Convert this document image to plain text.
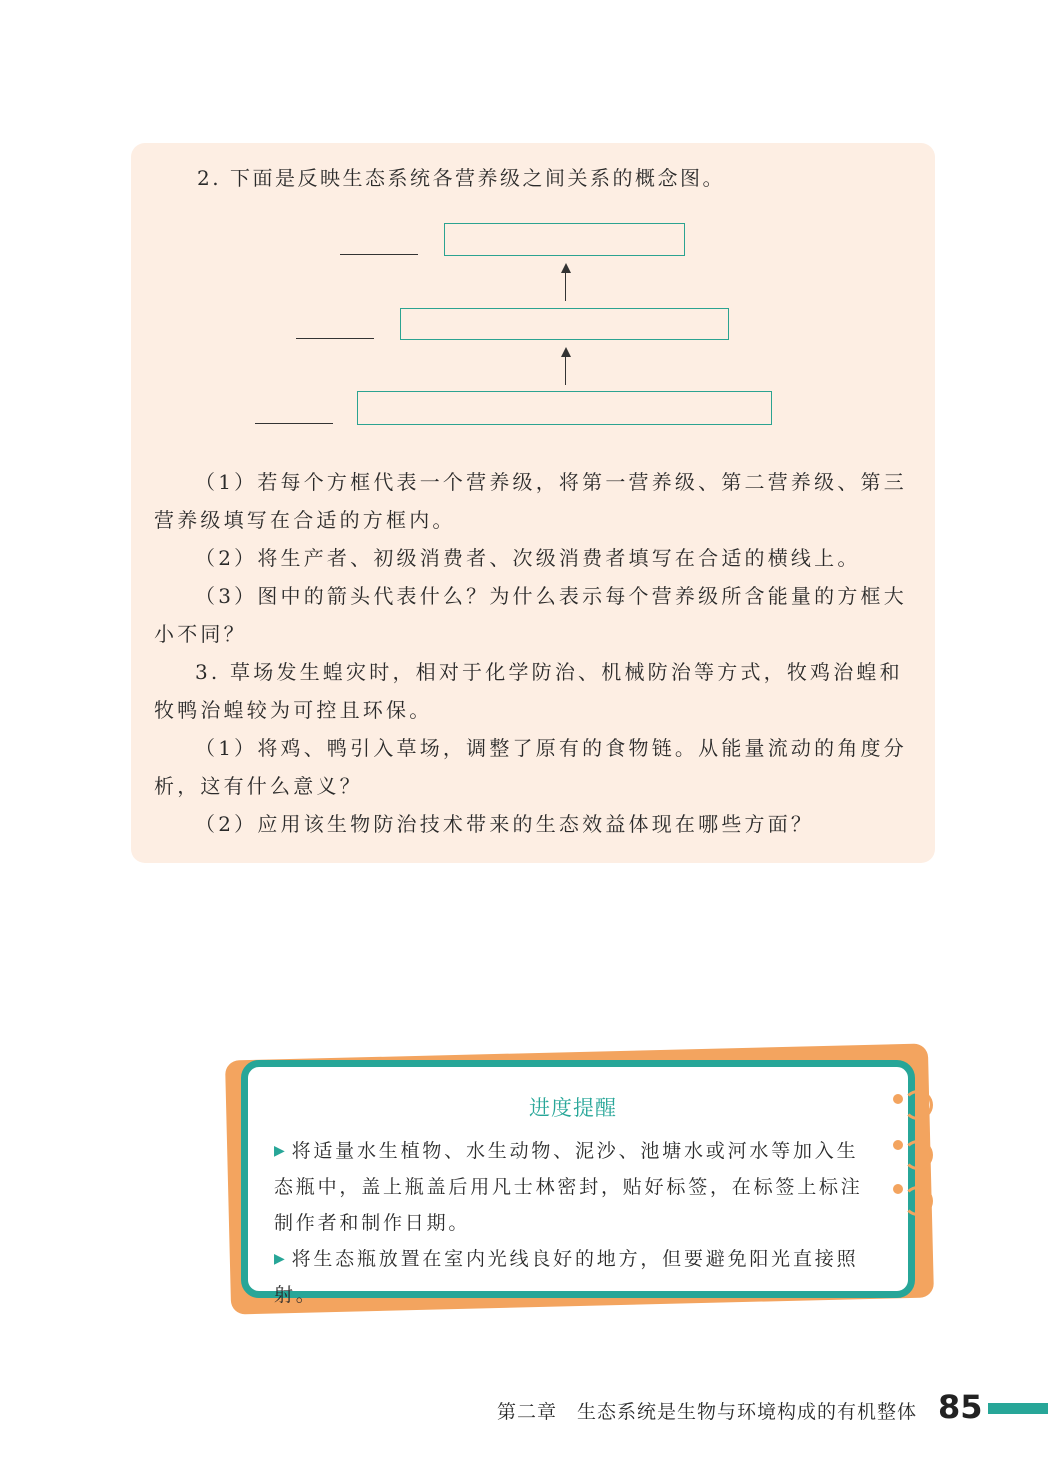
2. 下面是反映生态系统各营养级之间关系的概念图。

（1）若每个方框代表一个营养级，将第一营养级、第二营养级、第三营养级填写在合适的方框内。

（2）将生产者、初级消费者、次级消费者填写在合适的横线上。

（3）图中的箭头代表什么？为什么表示每个营养级所含能量的方框大小不同？

3. 草场发生蝗灾时，相对于化学防治、机械防治等方式，牧鸡治蝗和牧鸭治蝗较为可控且环保。

（1）将鸡、鸭引入草场，调整了原有的食物链。从能量流动的角度分析，这有什么意义？

（2）应用该生物防治技术带来的生态效益体现在哪些方面？

进度提醒

▶ 将适量水生植物、水生动物、泥沙、池塘水或河水等加入生态瓶中，盖上瓶盖后用凡士林密封，贴好标签，在标签上标注制作者和制作日期。

▶ 将生态瓶放置在室内光线良好的地方，但要避免阳光直接照射。

第二章　生态系统是生物与环境构成的有机整体 85
